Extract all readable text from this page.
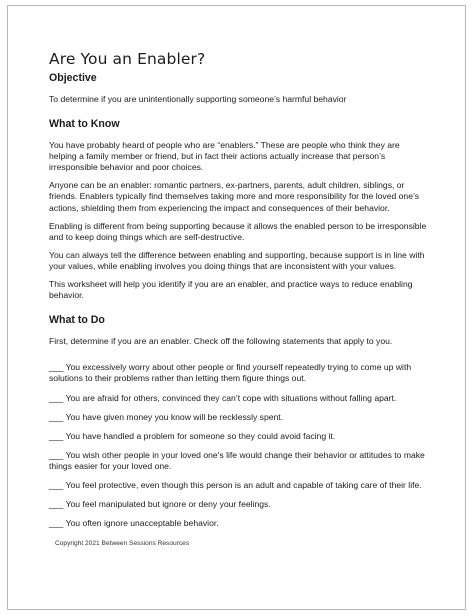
Are You an Enabler?
Objective

To determine if you are unintentionally supporting someone’s harmful behavior

What to Know

You have probably heard of people who are “enablers.” These are people who think they are helping a family member or friend, but in fact their actions actually increase that person’s irresponsible behavior and poor choices.

Anyone can be an enabler: romantic partners, ex-partners, parents, adult children, siblings, or friends. Enablers typically find themselves taking more and more responsibility for the loved one’s actions, shielding them from experiencing the impact and consequences of their behavior.

Enabling is different from being supporting because it allows the enabled person to be irresponsible and to keep doing things which are self-destructive.

You can always tell the difference between enabling and supporting, because support is in line with your values, while enabling involves you doing things that are inconsistent with your values.

This worksheet will help you identify if you are an enabler, and practice ways to reduce enabling behavior.

What to Do

First, determine if you are an enabler. Check off the following statements that apply to you.

___ You excessively worry about other people or find yourself repeatedly trying to come up with solutions to their problems rather than letting them figure things out.

___ You are afraid for others, convinced they can’t cope with situations without falling apart.

___ You have given money you know will be recklessly spent.

___ You have handled a problem for someone so they could avoid facing it.

___ You wish other people in your loved one’s life would change their behavior or attitudes to make things easier for your loved one.

___ You feel protective, even though this person is an adult and capable of taking care of their life.

___ You feel manipulated but ignore or deny your feelings.

___ You often ignore unacceptable behavior.

Copyright 2021 Between Sessions Resources
